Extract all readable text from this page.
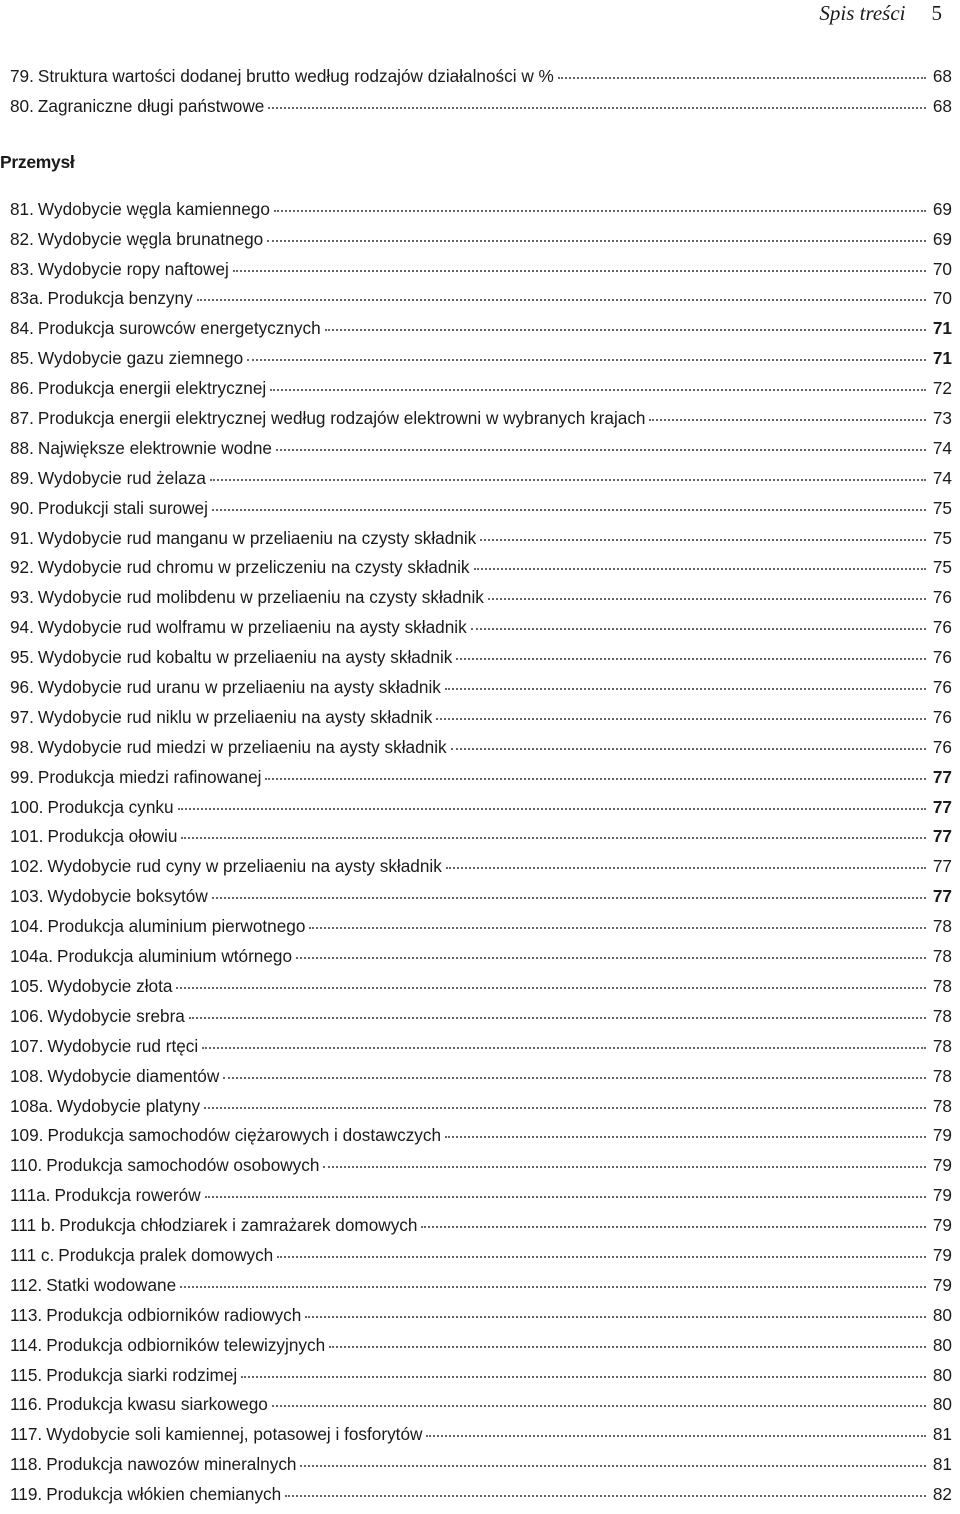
Spis treści 5
79. Struktura wartości dodanej brutto według rodzajów działalności w %	68
80. Zagraniczne długi państwowe	68
Przemysł
81. Wydobycie węgla kamiennego	69
82. Wydobycie węgla brunatnego	69
83. Wydobycie ropy naftowej	70
83a. Produkcja benzyny	70
84. Produkcja surowców energetycznych	71
85. Wydobycie gazu ziemnego	71
86. Produkcja energii elektrycznej	72
87. Produkcja energii elektrycznej według rodzajów elektrowni w wybranych krajach	73
88. Największe elektrownie wodne	74
89. Wydobycie rud żelaza	74
90. Produkcji stali surowej	75
91. Wydobycie rud manganu w przeliaeniu na czysty składnik	75
92. Wydobycie rud chromu w przeliczeniu na czysty składnik	75
93. Wydobycie rud molibdenu w przeliaeniu na czysty składnik	76
94. Wydobycie rud wolframu w przeliaeniu na aysty składnik	76
95. Wydobycie rud kobaltu w przeliaeniu na aysty składnik	76
96. Wydobycie rud uranu w przeliaeniu na aysty składnik	76
97. Wydobycie rud niklu w przeliaeniu na aysty składnik	76
98. Wydobycie rud miedzi w przeliaeniu na aysty składnik	76
99. Produkcja miedzi rafinowanej	77
100. Produkcja cynku	77
101. Produkcja ołowiu	77
102. Wydobycie rud cyny w przeliaeniu na aysty składnik	77
103. Wydobycie boksytów	77
104. Produkcja aluminium pierwotnego	78
104a. Produkcja aluminium wtórnego	78
105. Wydobycie złota	78
106. Wydobycie srebra	78
107. Wydobycie rud rtęci	78
108. Wydobycie diamentów	78
108a. Wydobycie platyny	78
109. Produkcja samochodów ciężarowych i dostawczych	79
110. Produkcja samochodów osobowych	79
111a. Produkcja rowerów	79
111 b. Produkcja chłodziarek i zamrażarek domowych	79
111 c. Produkcja pralek domowych	79
112. Statki wodowane	79
113. Produkcja odbiorników radiowych	80
114. Produkcja odbiorników telewizyjnych	80
115. Produkcja siarki rodzimej	80
116. Produkcja kwasu siarkowego	80
117. Wydobycie soli kamiennej, potasowej i fosforytów	81
118. Produkcja nawozów mineralnych	81
119. Produkcja włókien chemianych	82
